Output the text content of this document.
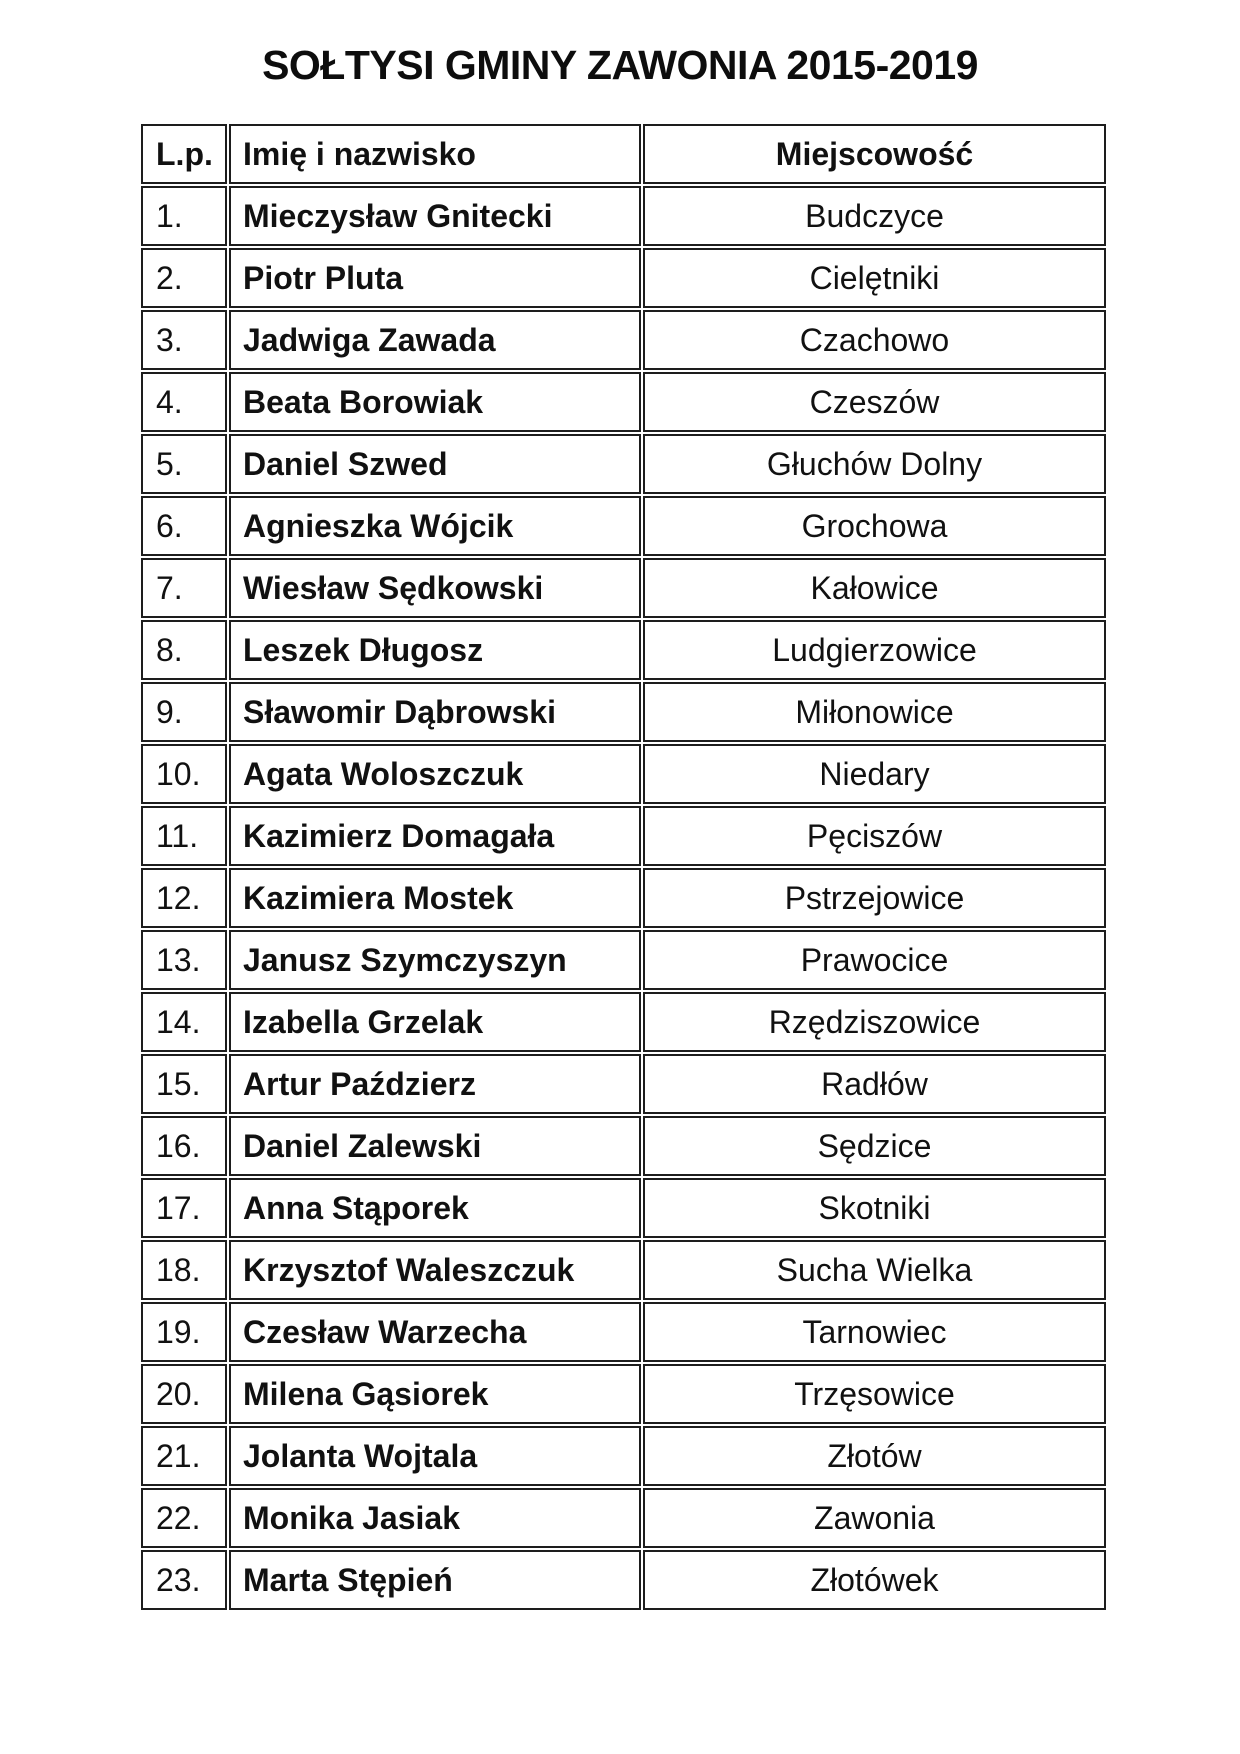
SOŁTYSI GMINY ZAWONIA 2015-2019
L.p.	Imię i nazwisko	Miejscowość
1.	Mieczysław Gnitecki	Budczyce
2.	Piotr Pluta	Cielętniki
3.	Jadwiga Zawada	Czachowo
4.	Beata Borowiak	Czeszów
5.	Daniel Szwed	Głuchów Dolny
6.	Agnieszka Wójcik	Grochowa
7.	Wiesław Sędkowski	Kałowice
8.	Leszek Długosz	Ludgierzowice
9.	Sławomir Dąbrowski	Miłonowice
10.	Agata Woloszczuk	Niedary
11.	Kazimierz Domagała	Pęciszów
12.	Kazimiera Mostek	Pstrzejowice
13.	Janusz Szymczyszyn	Prawocice
14.	Izabella Grzelak	Rzędziszowice
15.	Artur Paździerz	Radłów
16.	Daniel Zalewski	Sędzice
17.	Anna Stąporek	Skotniki
18.	Krzysztof Waleszczuk	Sucha Wielka
19.	Czesław Warzecha	Tarnowiec
20.	Milena Gąsiorek	Trzęsowice
21.	Jolanta Wojtala	Złotów
22.	Monika Jasiak	Zawonia
23.	Marta Stępień	Złotówek
